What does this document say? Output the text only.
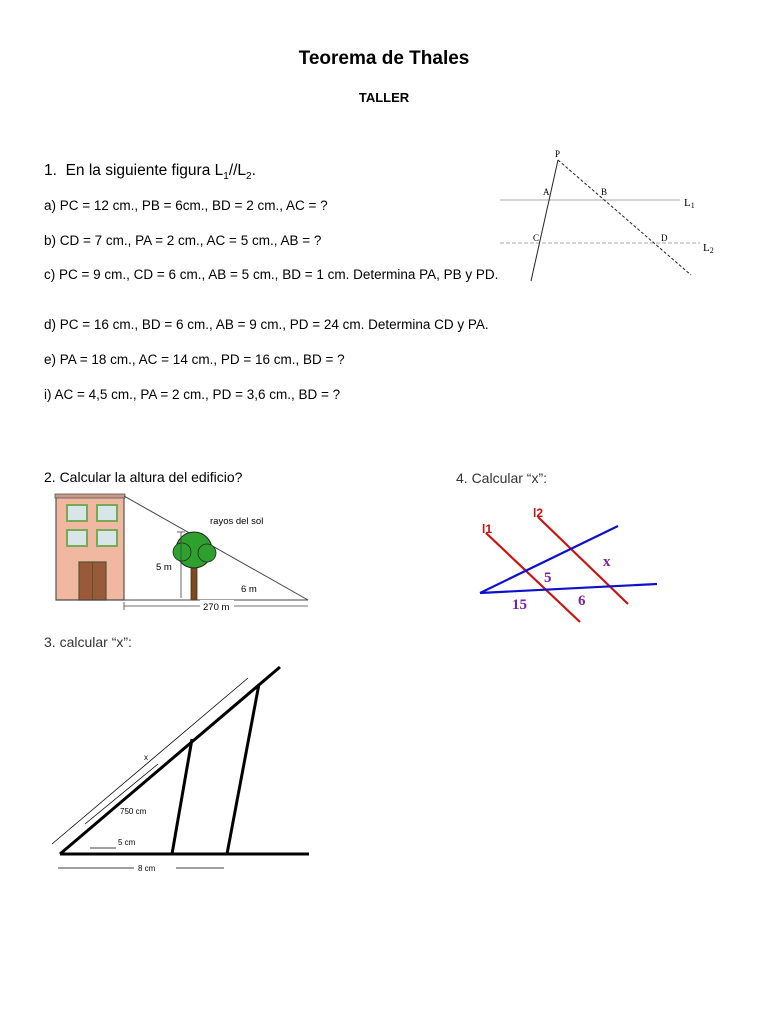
Teorema de Thales
TALLER
1. En la siguiente figura $L_1//L_2$.
a) PC = 12 cm., PB = 6cm., BD = 2 cm., AC = ?
b) CD = 7 cm., PA = 2 cm., AC = 5 cm., AB = ?
c) PC = 9 cm., CD = 6 cm., AB = 5 cm., BD = 1 cm. Determina PA, PB y PD.
d) PC = 16 cm., BD = 6 cm., AB = 9 cm., PD = 24 cm. Determina CD y PA.
e) PA = 18 cm., AC = 14 cm., PD = 16 cm., BD = ?
i) AC = 4,5 cm., PA = 2 cm., PD = 3,6 cm., BD = ?
P
A	B
C	D
L1
L2
2. Calcular la altura del edificio?
rayos del sol
5 m
6 m
270 m
4. Calcular “x”:
l1
l2
5
x
15	6
3. calcular “x”:
x
750 cm
5 cm
8 cm
